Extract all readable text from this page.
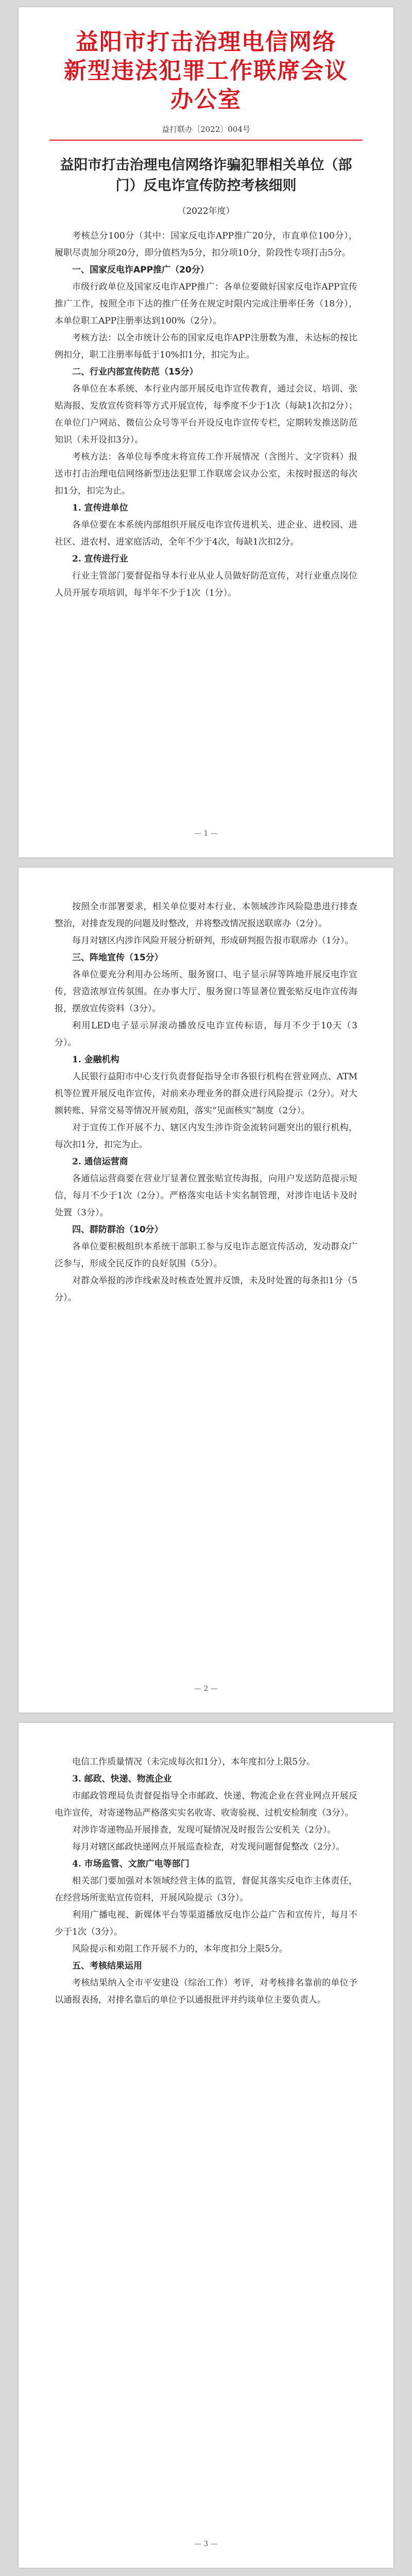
益阳市打击治理电信网络
新型违法犯罪工作联席会议办公室
益打联办〔2022〕004号
益阳市打击治理电信网络诈骗犯罪相关单位（部门）反电诈宣传防控考核细则
（2022年度）

考核总分100分（其中：国家反电诈APP推广20分，市直单位100分），履职尽责加分项20分，即分值档为5分，扣分项10分，阶段性专项打击5分。

一、国家反电诈APP推广（20分）

市级行政单位及国家反电诈APP推广：各单位要做好国家反电诈APP宣传推广工作，按照全市下达的推广任务在规定时限内完成注册率任务（18分），本单位职工APP注册率达到100%（2分）。

考核方法：以全市统计公布的国家反电诈APP注册数为准，未达标的按比例扣分，职工注册率每低于10%扣1分，扣完为止。

二、行业内部宣传防范（15分）

各单位在本系统、本行业内部开展反电诈宣传教育，通过会议、培训、张贴海报、发放宣传资料等方式开展宣传，每季度不少于1次（每缺1次扣2分）；在单位门户网站、微信公众号等平台开设反电诈宣传专栏，定期转发推送防范知识（未开设扣3分）。

考核方法：各单位每季度末将宣传工作开展情况（含图片、文字资料）报送市打击治理电信网络新型违法犯罪工作联席会议办公室，未按时报送的每次扣1分，扣完为止。

1. 宣传进单位

各单位要在本系统内部组织开展反电诈宣传进机关、进企业、进校园、进社区、进农村、进家庭活动，全年不少于4次，每缺1次扣2分。

2. 宣传进行业

行业主管部门要督促指导本行业从业人员做好防范宣传，对行业重点岗位人员开展专项培训，每半年不少于1次（1分）。

— 1 —

按照全市部署要求，相关单位要对本行业、本领域涉诈风险隐患进行排查整治，对排查发现的问题及时整改，并将整改情况报送联席办（2分）。

每月对辖区内涉诈风险开展分析研判，形成研判报告报市联席办（1分）。

三、阵地宣传（15分）

各单位要充分利用办公场所、服务窗口、电子显示屏等阵地开展反电诈宣传，营造浓厚宣传氛围。在办事大厅、服务窗口等显著位置张贴反电诈宣传海报，摆放宣传资料（3分）。

利用LED电子显示屏滚动播放反电诈宣传标语，每月不少于10天（3分）。

1. 金融机构

人民银行益阳市中心支行负责督促指导全市各银行机构在营业网点、ATM机等位置开展反电诈宣传，对前来办理业务的群众进行风险提示（2分）。对大额转账、异常交易等情况开展劝阻，落实“见面核实”制度（2分）。

对于宣传工作开展不力、辖区内发生涉诈资金流转问题突出的银行机构，每次扣1分，扣完为止。

2. 通信运营商

各通信运营商要在营业厅显著位置张贴宣传海报，向用户发送防范提示短信，每月不少于1次（2分）。严格落实电话卡实名制管理，对涉诈电话卡及时处置（3分）。

四、群防群治（10分）

各单位要积极组织本系统干部职工参与反电诈志愿宣传活动，发动群众广泛参与，形成全民反诈的良好氛围（5分）。

对群众举报的涉诈线索及时核查处置并反馈，未及时处置的每条扣1分（5分）。

— 2 —

电信工作质量情况（未完成每次扣1分），本年度扣分上限5分。

3. 邮政、快递、物流企业

市邮政管理局负责督促指导全市邮政、快递、物流企业在营业网点开展反电诈宣传，对寄递物品严格落实实名收寄、收寄验视、过机安检制度（3分）。

对涉诈寄递物品开展排查，发现可疑情况及时报告公安机关（2分）。

每月对辖区邮政快递网点开展巡查检查，对发现问题督促整改（2分）。

4. 市场监管、文旅广电等部门

相关部门要加强对本领域经营主体的监管，督促其落实反电诈主体责任，在经营场所张贴宣传资料，开展风险提示（3分）。

利用广播电视、新媒体平台等渠道播放反电诈公益广告和宣传片，每月不少于1次（3分）。

风险提示和劝阻工作开展不力的，本年度扣分上限5分。

五、考核结果运用

考核结果纳入全市平安建设（综治工作）考评，对考核排名靠前的单位予以通报表扬，对排名靠后的单位予以通报批评并约谈单位主要负责人。

— 3 —
